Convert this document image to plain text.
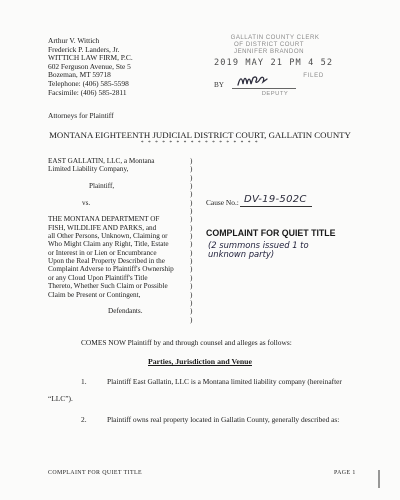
Arthur V. Wittich
Frederick P. Landers, Jr.
WITTICH LAW FIRM, P.C.
602 Ferguson Avenue, Ste 5
Bozeman, MT 59718
Telephone: (406) 585-5598
Facsimile: (406) 585-2811
Attorneys for Plaintiff
GALLATIN COUNTY CLERK
OF DISTRICT COURT
JENNIFER BRANDON
2019 MAY 21 PM 4 52
FILED
BY
DEPUTY
MONTANA EIGHTEENTH JUDICIAL DISTRICT COURT, GALLATIN COUNTY
* * * * * * * * * * * * * * * * *
EAST GALLATIN, LLC, a Montana
Limited Liability Company,

Plaintiff,

vs.

THE MONTANA DEPARTMENT OF
FISH, WILDLIFE AND PARKS, and
all Other Persons, Unknown, Claiming or
Who Might Claim any Right, Title, Estate
or Interest in or Lien or Encumbrance
Upon the Real Property Described in the
Complaint Adverse to Plaintiff's Ownership
or any Cloud Upon Plaintiff's Title
Thereto, Whether Such Claim or Possible
Claim be Present or Contingent,

Defendants.
)
)
)
)
)
)
)
)
)
)
)
)
)
)
)
)
)
)
)
)
Cause No.: DV-19-502C
COMPLAINT FOR QUIET TITLE
(2 summons issued 1 to unknown party)
COMES NOW Plaintiff by and through counsel and alleges as follows:
Parties, Jurisdiction and Venue
1.	Plaintiff East Gallatin, LLC is a Montana limited liability company (hereinafter
“LLC”).
2.	Plaintiff owns real property located in Gallatin County, generally described as:
COMPLAINT FOR QUIET TITLE	PAGE 1
